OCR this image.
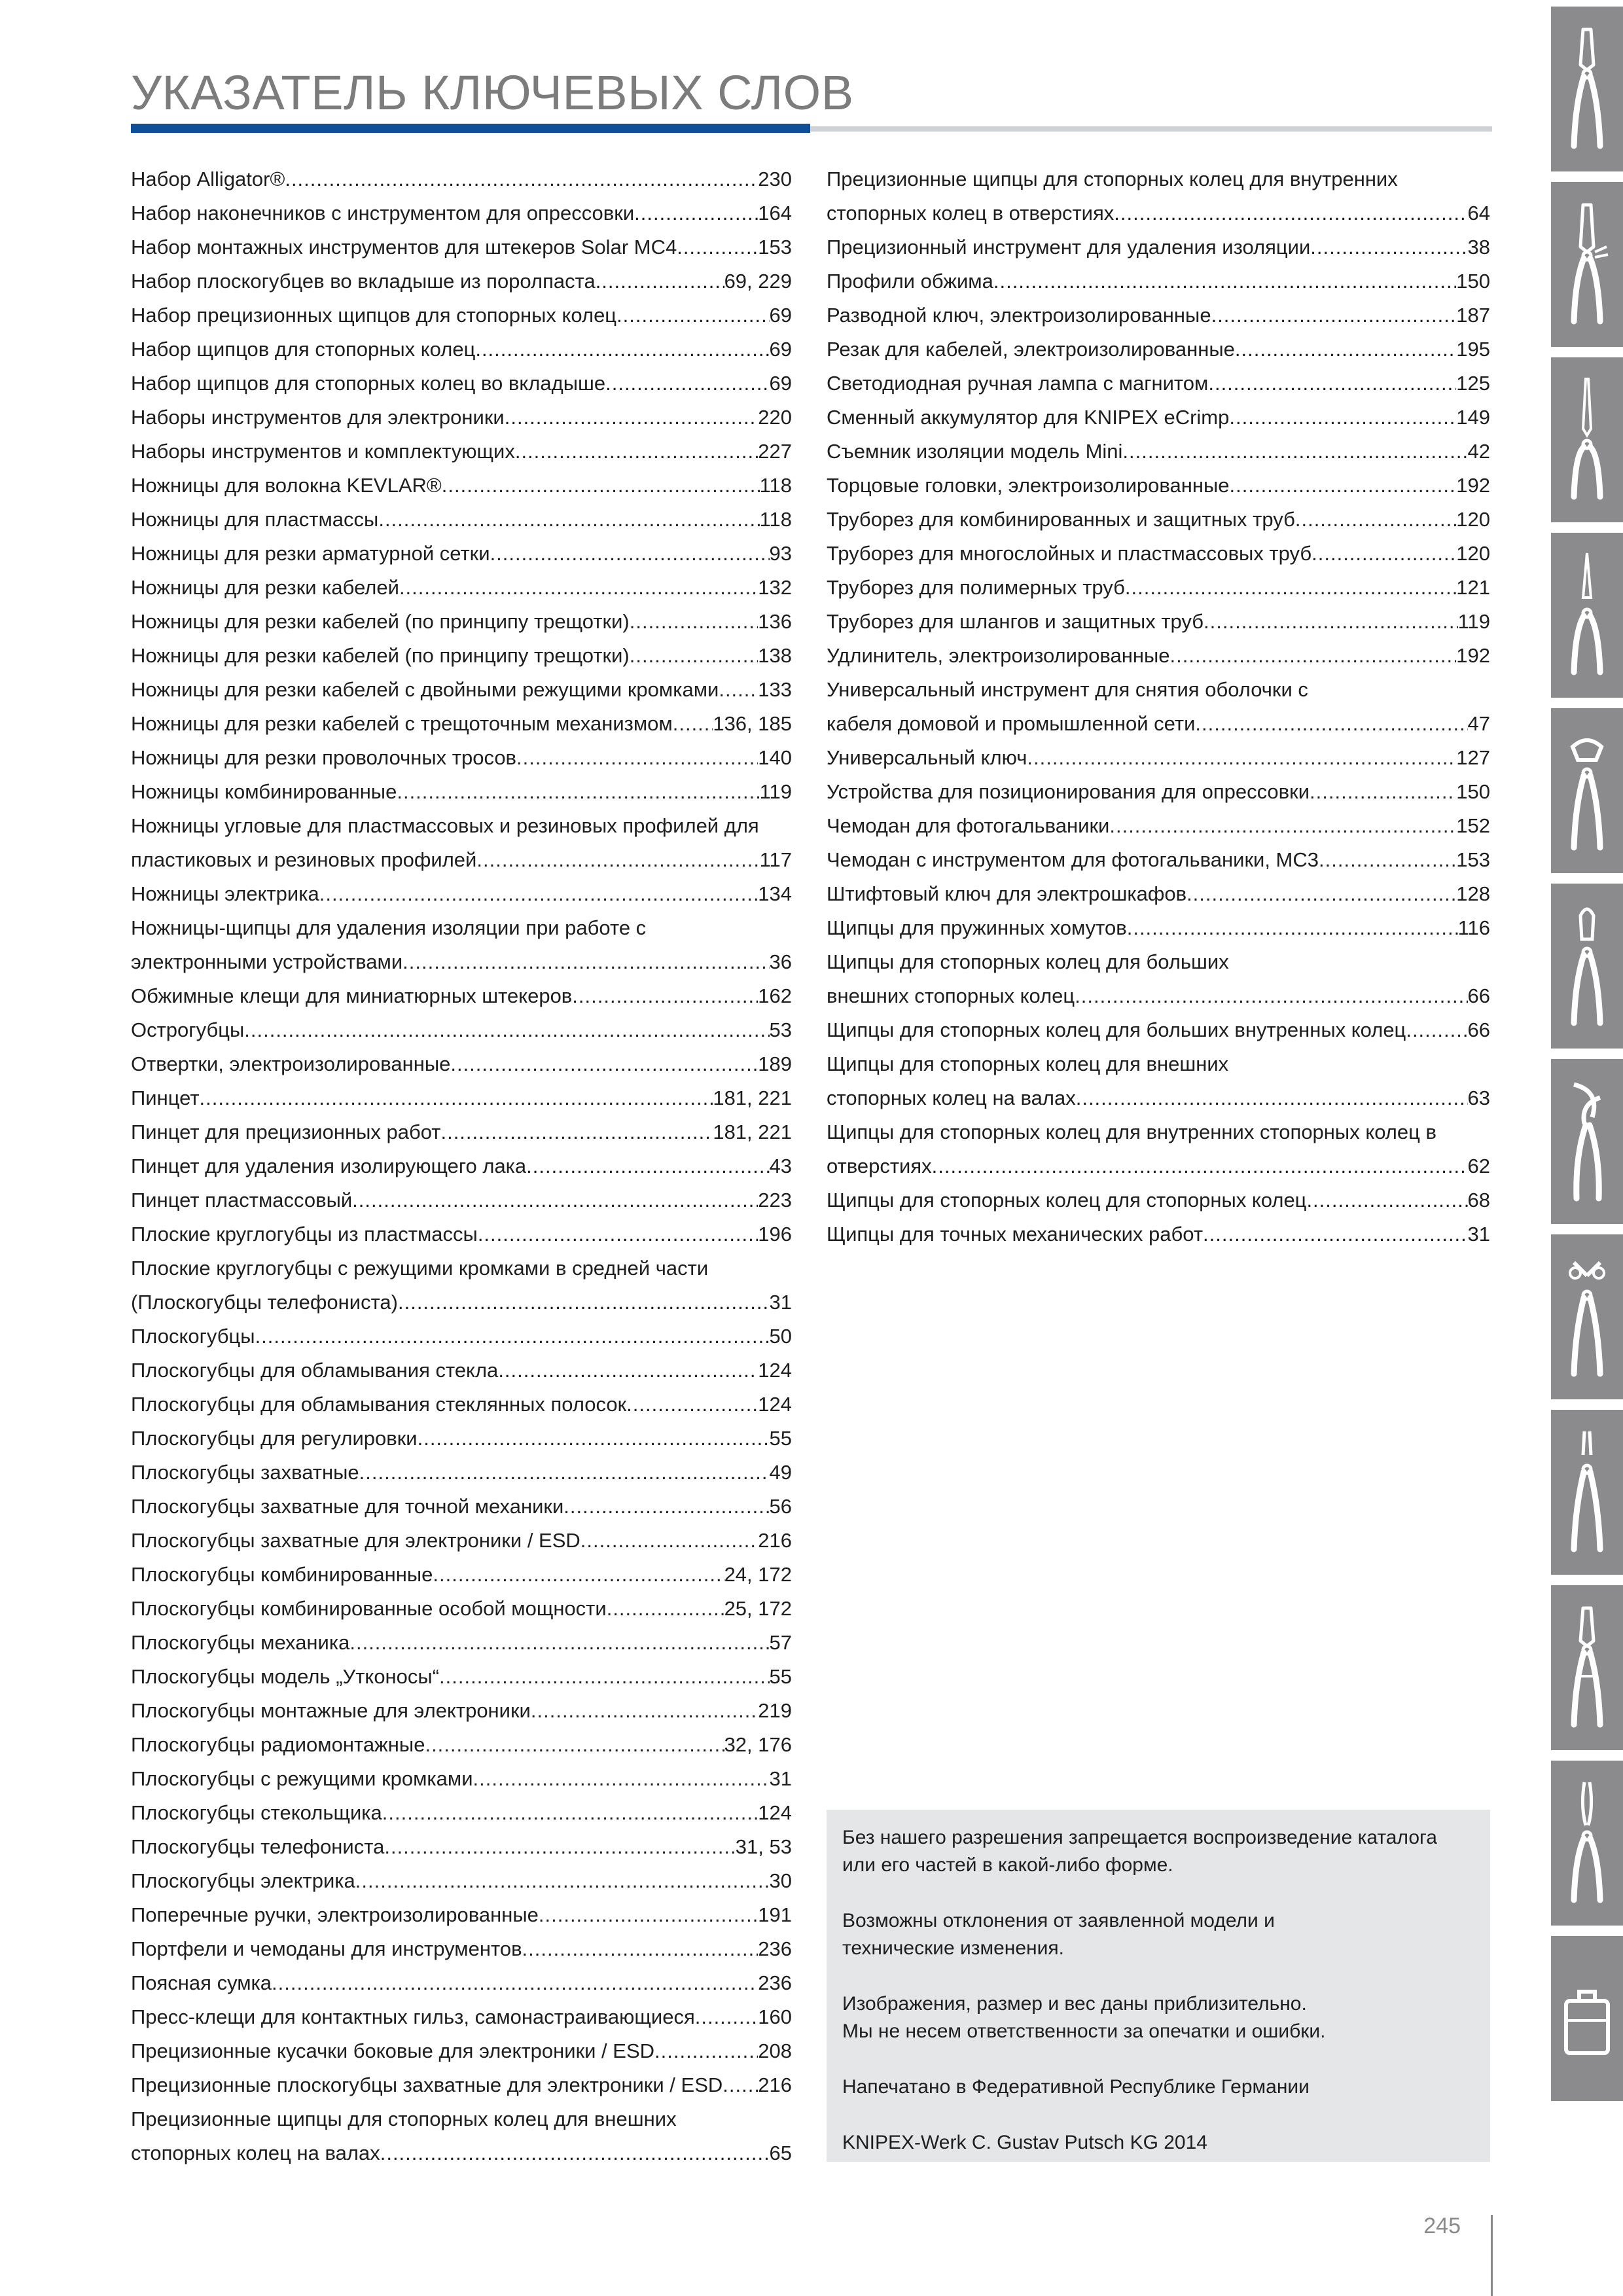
УКАЗАТЕЛЬ КЛЮЧЕВЫХ СЛОВ
Набор Alligator® .....	230
Набор наконечников с инструментом для опрессовки .....	164
Набор монтажных инструментов для штекеров Solar MC4 .....	153
Набор плоскогубцев во вкладыше из поролпаста .....	69, 229
Набор прецизионных щипцов для стопорных колец .....	69
Набор щипцов для стопорных колец .....	69
Набор щипцов для стопорных колец во вкладыше .....	69
Наборы инструментов для электроники .....	220
Наборы инструментов и комплектующих .....	227
Ножницы для волокна KEVLAR® .....	118
Ножницы для пластмассы .....	118
Ножницы для резки арматурной сетки .....	93
Ножницы для резки кабелей .....	132
Ножницы для резки кабелей (по принципу трещотки) .....	136
Ножницы для резки кабелей (по принципу трещотки) .....	138
Ножницы для резки кабелей с двойными режущими кромками ..... 133
Ножницы для резки кабелей с трещоточным механизмом ..... 136, 185
Ножницы для резки проволочных тросов .....	140
Ножницы комбинированные .....	119
Ножницы угловые для пластмассовых и резиновых профилей для
пластиковых и резиновых профилей .....	117
Ножницы электрика .....	134
Ножницы-щипцы для удаления изоляции при работе с
электронными устройствами .....	36
Обжимные клещи для миниатюрных штекеров .....	162
Острогубцы .....	53
Отвертки, электроизолированные .....	189
Пинцет .....	181, 221
Пинцет для прецизионных работ .....	181, 221
Пинцет для удаления изолирующего лака .....	43
Пинцет пластмассовый .....	223
Плоские круглогубцы из пластмассы .....	196
Плоские круглогубцы с режущими кромками в средней части
(Плоскогубцы телефониста) .....	31
Плоскогубцы .....	50
Плоскогубцы для обламывания стекла .....	124
Плоскогубцы для обламывания стеклянных полосок .....	124
Плоскогубцы для регулировки .....	55
Плоскогубцы захватные .....	49
Плоскогубцы захватные для точной механики .....	56
Плоскогубцы захватные для электроники / ESD .....	216
Плоскогубцы комбинированные .....	24, 172
Плоскогубцы комбинированные особой мощности .....	25, 172
Плоскогубцы механика .....	57
Плоскогубцы модель „Утконосы“ .....	55
Плоскогубцы монтажные для электроники .....	219
Плоскогубцы радиомонтажные .....	32, 176
Плоскогубцы с режущими кромками .....	31
Плоскогубцы стекольщика .....	124
Плоскогубцы телефониста .....	31, 53
Плоскогубцы электрика .....	30
Поперечные ручки, электроизолированные .....	191
Портфели и чемоданы для инструментов .....	236
Поясная сумка .....	236
Пресс-клещи для контактных гильз, самонастраивающиеся .....	160
Прецизионные кусачки боковые для электроники / ESD .....	208
Прецизионные плоскогубцы захватные для электроники / ESD ..... 216
Прецизионные щипцы для стопорных колец для внешних
стопорных колец на валах .....	65
Прецизионные щипцы для стопорных колец для внутренних
стопорных колец в отверстиях .....	64
Прецизионный инструмент для удаления изоляции .....	38
Профили обжима .....	150
Разводной ключ, электроизолированные .....	187
Резак для кабелей, электроизолированные .....	195
Светодиодная ручная лампа с магнитом .....	125
Сменный аккумулятор для KNIPEX eCrimp .....	149
Съемник изоляции модель Mini .....	42
Торцовые головки, электроизолированные .....	192
Труборез для комбинированных и защитных труб .....	120
Труборез для многослойных и пластмассовых труб .....	120
Труборез для полимерных труб .....	121
Труборез для шлангов и защитных труб .....	119
Удлинитель, электроизолированные .....	192
Универсальный инструмент для снятия оболочки с
кабеля домовой и промышленной сети .....	47
Универсальный ключ .....	127
Устройства для позиционирования для опрессовки .....	150
Чемодан для фотогальваники .....	152
Чемодан с инструментом для фотогальваники, MC3 .....	153
Штифтовый ключ для электрошкафов .....	128
Щипцы для пружинных хомутов .....	116
Щипцы для стопорных колец для больших
внешних стопорных колец .....	66
Щипцы для стопорных колец для больших внутренных колец .....	66
Щипцы для стопорных колец для внешних
стопорных колец на валах .....	63
Щипцы для стопорных колец для внутренних стопорных колец в
отверстиях .....	62
Щипцы для стопорных колец для стопорных колец .....	68
Щипцы для точных механических работ .....	31
Без нашего разрешения запрещается воспроизведение каталога
или его частей в какой-либо форме.
Возможны отклонения от заявленной модели и
технические изменения.
Изображения, размер и вес даны приблизительно.
Мы не несем ответственности за опечатки и ошибки.
Напечатано в Федеративной Республике Германии
KNIPEX-Werk C. Gustav Putsch KG 2014
245
